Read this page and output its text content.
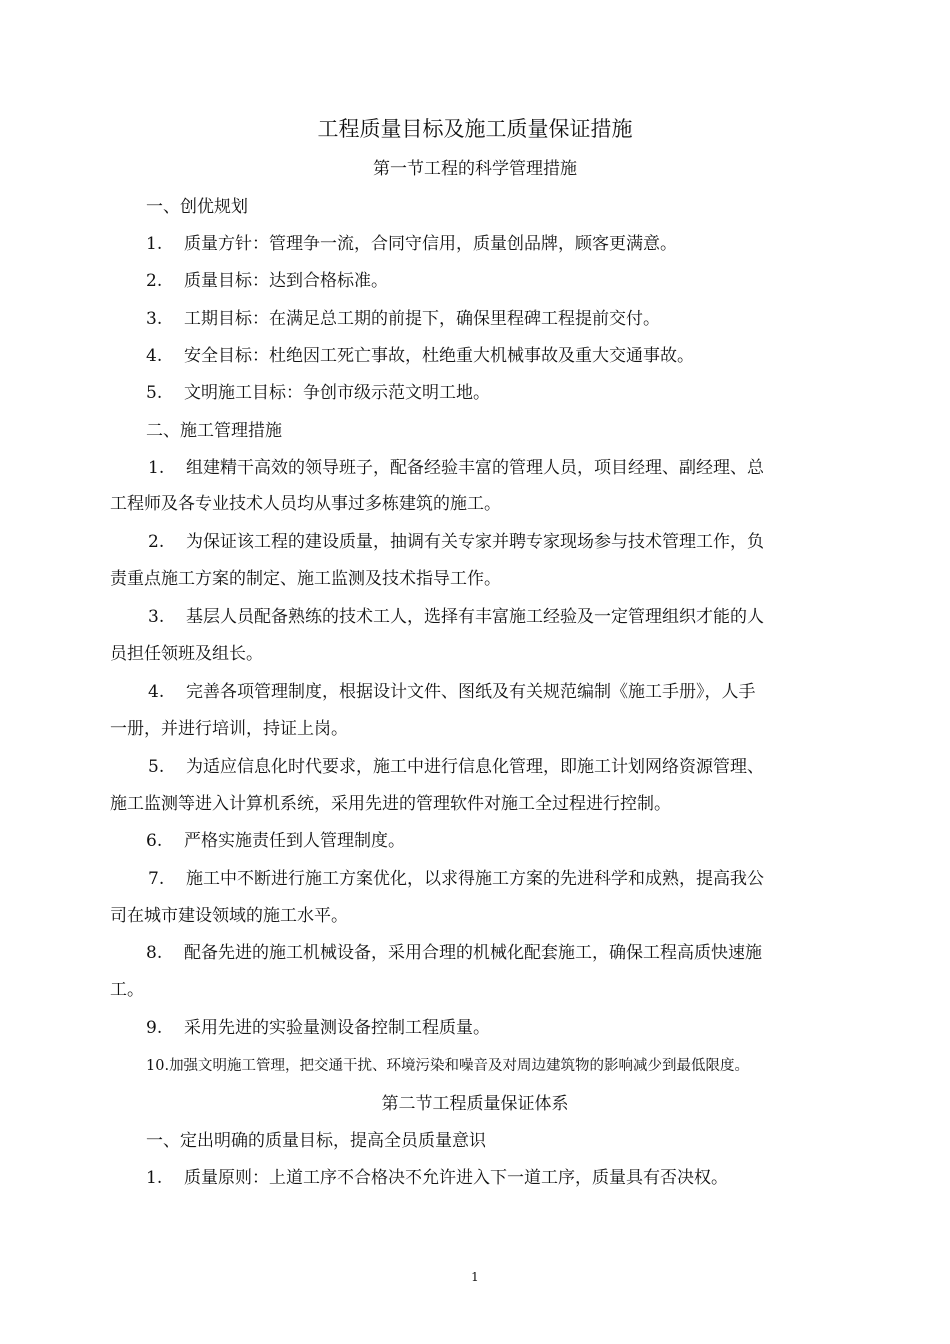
工程质量目标及施工质量保证措施
第一节工程的科学管理措施
一、创优规划
1. 质量方针：管理争一流，合同守信用，质量创品牌，顾客更满意。
2. 质量目标：达到合格标准。
3. 工期目标：在满足总工期的前提下，确保里程碑工程提前交付。
4. 安全目标：杜绝因工死亡事故，杜绝重大机械事故及重大交通事故。
5. 文明施工目标：争创市级示范文明工地。
二、施工管理措施
1. 组建精干高效的领导班子，配备经验丰富的管理人员，项目经理、副经理、总
工程师及各专业技术人员均从事过多栋建筑的施工。
2. 为保证该工程的建设质量，抽调有关专家并聘专家现场参与技术管理工作，负
责重点施工方案的制定、施工监测及技术指导工作。
3. 基层人员配备熟练的技术工人，选择有丰富施工经验及一定管理组织才能的人
员担任领班及组长。
4. 完善各项管理制度，根据设计文件、图纸及有关规范编制《施工手册》，人手
一册，并进行培训，持证上岗。
5. 为适应信息化时代要求，施工中进行信息化管理，即施工计划网络资源管理、
施工监测等进入计算机系统，采用先进的管理软件对施工全过程进行控制。
6. 严格实施责任到人管理制度。
7. 施工中不断进行施工方案优化，以求得施工方案的先进科学和成熟，提高我公
司在城市建设领域的施工水平。
8. 配备先进的施工机械设备，采用合理的机械化配套施工，确保工程高质快速施
工。
9. 采用先进的实验量测设备控制工程质量。
10.加强文明施工管理，把交通干扰、环境污染和噪音及对周边建筑物的影响减少到最低限度。
第二节工程质量保证体系
一、定出明确的质量目标，提高全员质量意识
1. 质量原则：上道工序不合格决不允许进入下一道工序，质量具有否决权。
1
